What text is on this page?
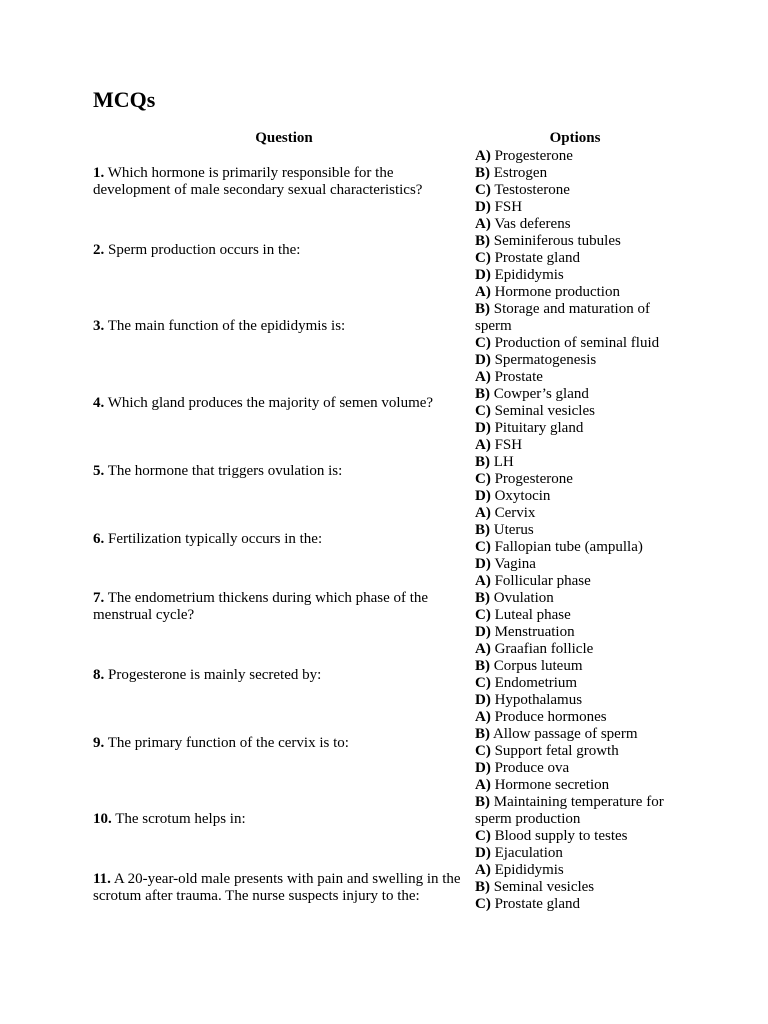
MCQs
Question	Options
1. Which hormone is primarily responsible for the development of male secondary sexual characteristics?
A) Progesterone
B) Estrogen
C) Testosterone
D) FSH
2. Sperm production occurs in the:
A) Vas deferens
B) Seminiferous tubules
C) Prostate gland
D) Epididymis
3. The main function of the epididymis is:
A) Hormone production
B) Storage and maturation of sperm
C) Production of seminal fluid
D) Spermatogenesis
4. Which gland produces the majority of semen volume?
A) Prostate
B) Cowper’s gland
C) Seminal vesicles
D) Pituitary gland
5. The hormone that triggers ovulation is:
A) FSH
B) LH
C) Progesterone
D) Oxytocin
6. Fertilization typically occurs in the:
A) Cervix
B) Uterus
C) Fallopian tube (ampulla)
D) Vagina
7. The endometrium thickens during which phase of the menstrual cycle?
A) Follicular phase
B) Ovulation
C) Luteal phase
D) Menstruation
8. Progesterone is mainly secreted by:
A) Graafian follicle
B) Corpus luteum
C) Endometrium
D) Hypothalamus
9. The primary function of the cervix is to:
A) Produce hormones
B) Allow passage of sperm
C) Support fetal growth
D) Produce ova
10. The scrotum helps in:
A) Hormone secretion
B) Maintaining temperature for sperm production
C) Blood supply to testes
D) Ejaculation
11. A 20-year-old male presents with pain and swelling in the scrotum after trauma. The nurse suspects injury to the:
A) Epididymis
B) Seminal vesicles
C) Prostate gland
